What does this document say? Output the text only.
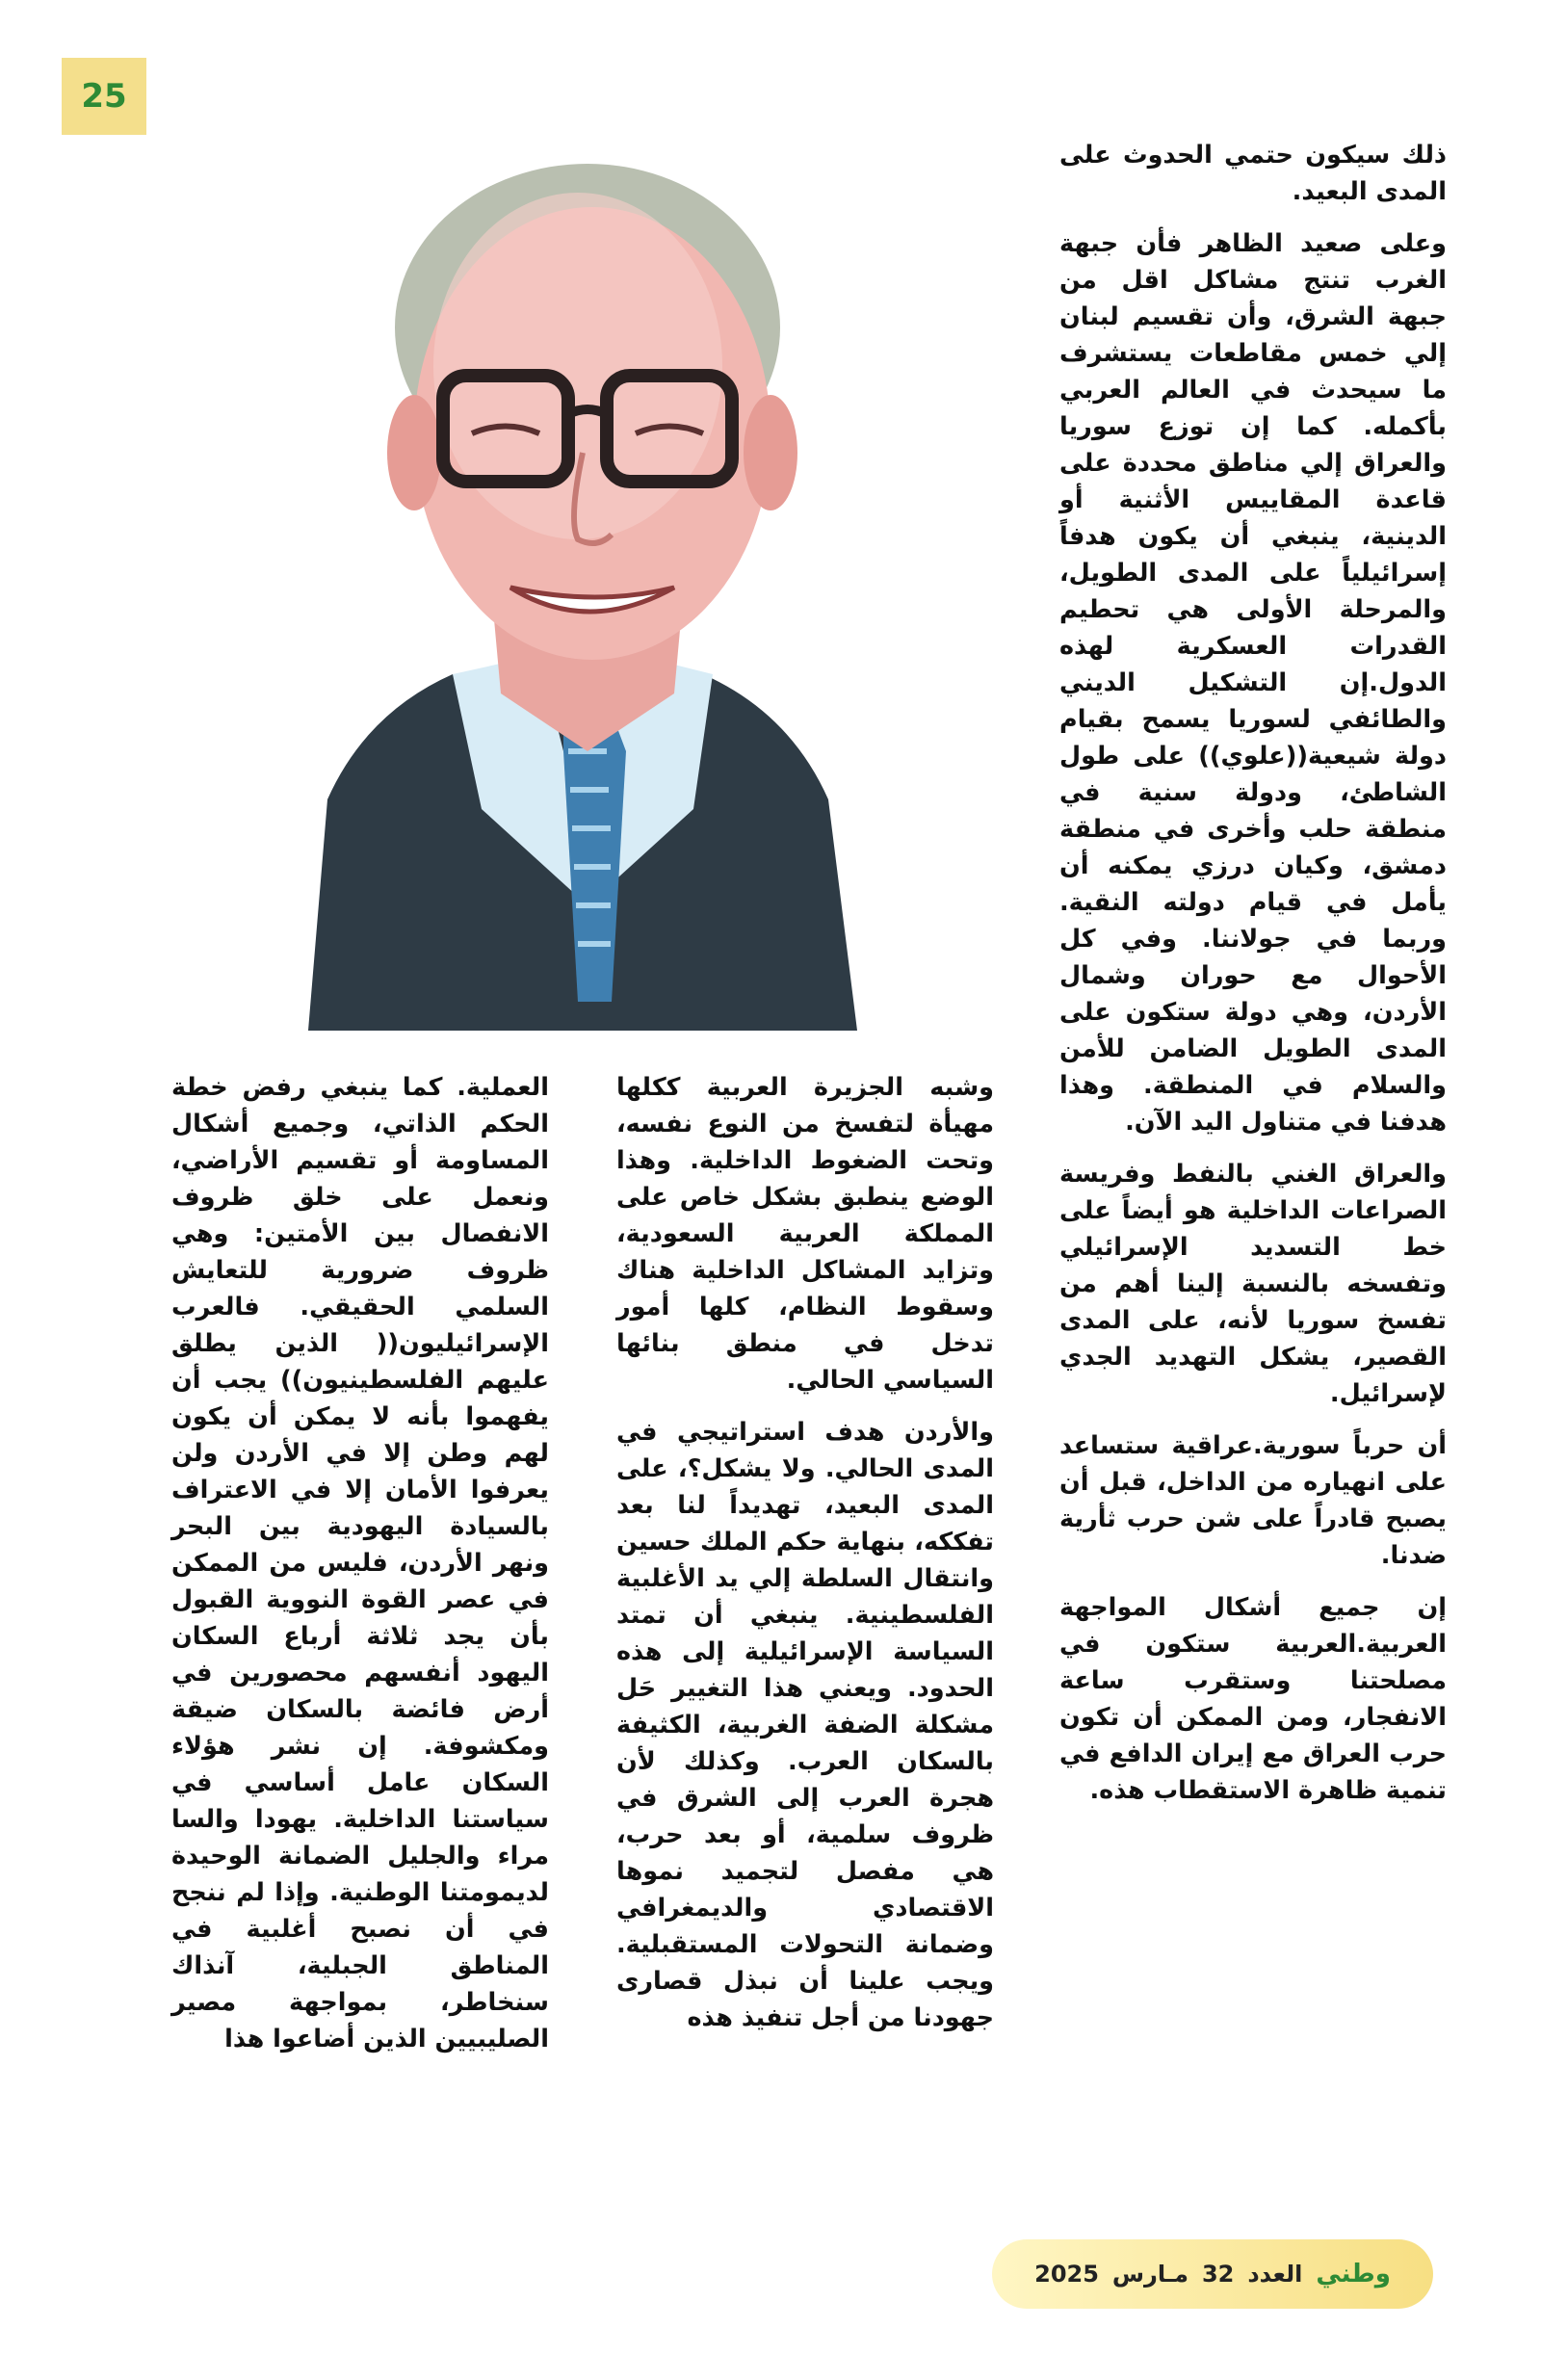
25

ذلك سيكون حتمي الحدوث على المدى البعيد.

وعلى صعيد الظاهر فأن جبهة الغرب تنتج مشاكل اقل من جبهة الشرق، وأن تقسيم لبنان إلي خمس مقاطعات يستشرف ما سيحدث في العالم العربي بأكمله. كما إن توزع سوريا والعراق إلي مناطق محددة على قاعدة المقاييس الأثنية أو الدينية، ينبغي أن يكون هدفاً إسرائيلياً على المدى الطويل، والمرحلة الأولى هي تحطيم القدرات العسكرية لهذه الدول.إن التشكيل الديني والطائفي لسوريا يسمح بقيام دولة شيعية((علوي)) على طول الشاطئ، ودولة سنية في منطقة حلب وأخرى في منطقة دمشق، وكيان درزي يمكنه أن يأمل في قيام دولته النقية. وربما في جولاننا. وفي كل الأحوال مع حوران وشمال الأردن، وهي دولة ستكون على المدى الطويل الضامن للأمن والسلام في المنطقة. وهذا هدفنا في متناول اليد الآن.

والعراق الغني بالنفط وفريسة الصراعات الداخلية هو أيضاً على خط التسديد الإسرائيلي وتفسخه بالنسبة إلينا أهم من تفسخ سوريا لأنه، على المدى القصير، يشكل التهديد الجدي لإسرائيل.

أن حرباً سورية.عراقية ستساعد على انهياره من الداخل، قبل أن يصبح قادراً على شن حرب ثأرية ضدنا.

إن جميع أشكال المواجهة العربية.العربية ستكون في مصلحتنا وستقرب ساعة الانفجار، ومن الممكن أن تكون حرب العراق مع إيران الدافع في تنمية ظاهرة الاستقطاب هذه.

وشبه الجزيرة العربية ككلها مهيأة لتفسخ من النوع نفسه، وتحت الضغوط الداخلية. وهذا الوضع ينطبق بشكل خاص على المملكة العربية السعودية، وتزايد المشاكل الداخلية هناك وسقوط النظام، كلها أمور تدخل في منطق بنائها السياسي الحالي.

والأردن هدف استراتيجي في المدى الحالي. ولا يشكل؟، على المدى البعيد، تهديداً لنا بعد تفككه، بنهاية حكم الملك حسين وانتقال السلطة إلي يد الأغلبية الفلسطينية. ينبغي أن تمتد السياسة الإسرائيلية إلى هذه الحدود. ويعني هذا التغيير حَل مشكلة الضفة الغربية، الكثيفة بالسكان العرب. وكذلك لأن هجرة العرب إلى الشرق في ظروف سلمية، أو بعد حرب، هي مفصل لتجميد نموها الاقتصادي والديمغرافي وضمانة التحولات المستقبلية. ويجب علينا أن نبذل قصارى جهودنا من أجل تنفيذ هذه

العملية. كما ينبغي رفض خطة الحكم الذاتي، وجميع أشكال المساومة أو تقسيم الأراضي، ونعمل على خلق ظروف الانفصال بين الأمتين: وهي ظروف ضرورية للتعايش السلمي الحقيقي. فالعرب الإسرائيليون(( الذين يطلق عليهم الفلسطينيون)) يجب أن يفهموا بأنه لا يمكن أن يكون لهم وطن إلا في الأردن ولن يعرفوا الأمان إلا في الاعتراف بالسيادة اليهودية بين البحر ونهر الأردن، فليس من الممكن في عصر القوة النووية القبول بأن يجد ثلاثة أرباع السكان اليهود أنفسهم محصورين في أرض فائضة بالسكان ضيقة ومكشوفة. إن نشر هؤلاء السكان عامل أساسي في سياستنا الداخلية. يهودا والسا مراء والجليل الضمانة الوحيدة لديمومتنا الوطنية. وإذا لم ننجح في أن نصبح أغلبية في المناطق الجبلية، آنذاك سنخاطر، بمواجهة مصير الصليبيين الذين أضاعوا هذا

وطني
العدد
32
مـارس
2025
